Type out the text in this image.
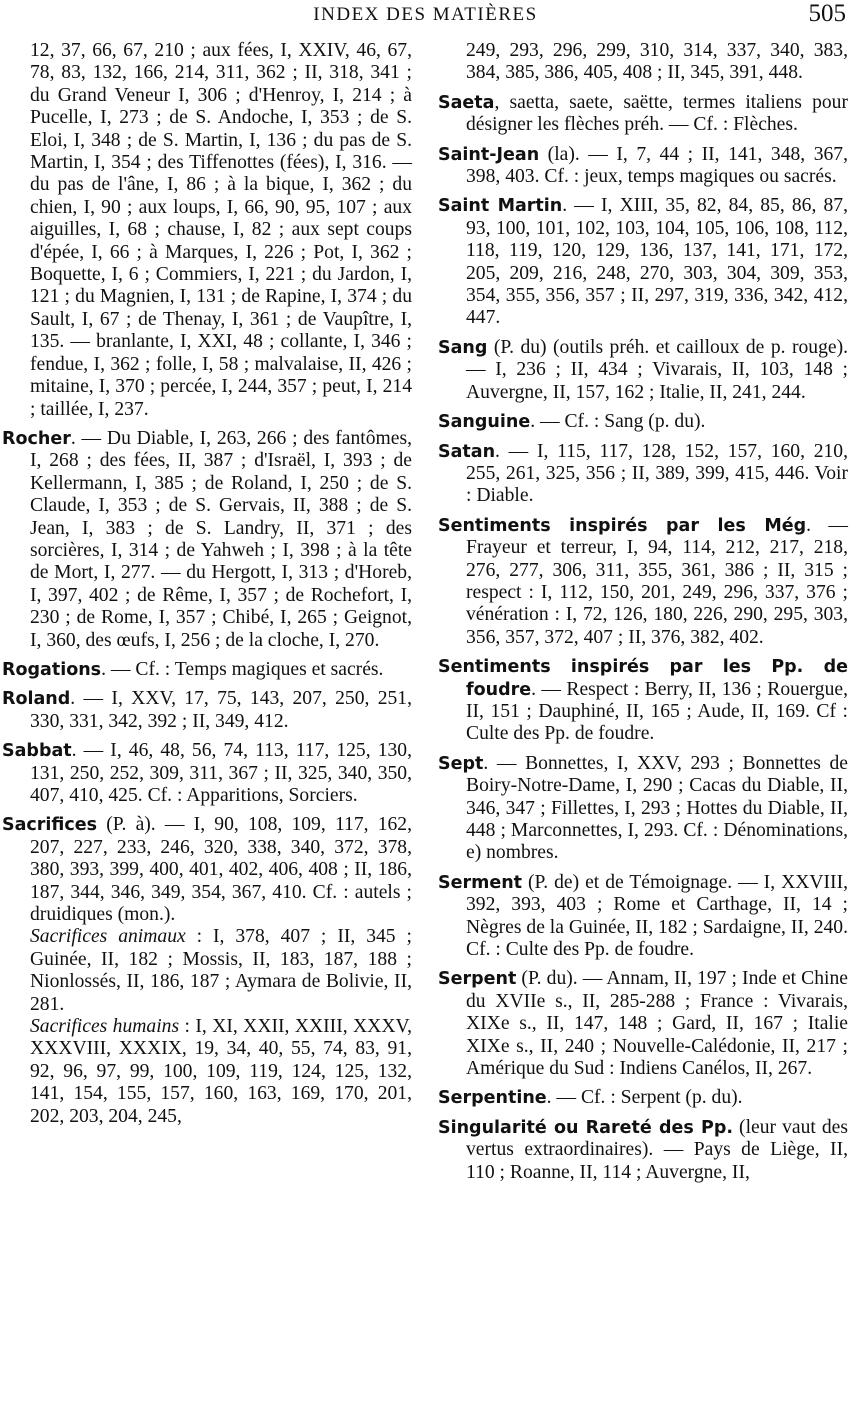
INDEX DES MATIÈRES	505

12, 37, 66, 67, 210 ; aux fées, I, XXIV, 46, 67, 78, 83, 132, 166, 214, 311, 362 ; II, 318, 341 ; du Grand Veneur I, 306 ; d'Henroy, I, 214 ; à Pucelle, I, 273 ; de S. Andoche, I, 353 ; de S. Eloi, I, 348 ; de S. Martin, I, 136 ; du pas de S. Martin, I, 354 ; des Tiffenottes (fées), I, 316. — du pas de l'âne, I, 86 ; à la bique, I, 362 ; du chien, I, 90 ; aux loups, I, 66, 90, 95, 107 ; aux aiguilles, I, 68 ; chause, I, 82 ; aux sept coups d'épée, I, 66 ; à Marques, I, 226 ; Pot, I, 362 ; Boquette, I, 6 ; Commiers, I, 221 ; du Jardon, I, 121 ; du Magnien, I, 131 ; de Rapine, I, 374 ; du Sault, I, 67 ; de Thenay, I, 361 ; de Vaupître, I, 135. — branlante, I, XXI, 48 ; collante, I, 346 ; fendue, I, 362 ; folle, I, 58 ; malvalaise, II, 426 ; mitaine, I, 370 ; percée, I, 244, 357 ; peut, I, 214 ; taillée, I, 237.

Rocher. — Du Diable, I, 263, 266 ; des fantômes, I, 268 ; des fées, II, 387 ; d'Israël, I, 393 ; de Kellermann, I, 385 ; de Roland, I, 250 ; de S. Claude, I, 353 ; de S. Gervais, II, 388 ; de S. Jean, I, 383 ; de S. Landry, II, 371 ; des sorcières, I, 314 ; de Yahweh ; I, 398 ; à la tête de Mort, I, 277. — du Hergott, I, 313 ; d'Horeb, I, 397, 402 ; de Rême, I, 357 ; de Rochefort, I, 230 ; de Rome, I, 357 ; Chibé, I, 265 ; Geignot, I, 360, des œufs, I, 256 ; de la cloche, I, 270.

Rogations. — Cf. : Temps magiques et sacrés.

Roland. — I, XXV, 17, 75, 143, 207, 250, 251, 330, 331, 342, 392 ; II, 349, 412.

Sabbat. — I, 46, 48, 56, 74, 113, 117, 125, 130, 131, 250, 252, 309, 311, 367 ; II, 325, 340, 350, 407, 410, 425. Cf. : Apparitions, Sorciers.

Sacrifices (P. à). — I, 90, 108, 109, 117, 162, 207, 227, 233, 246, 320, 338, 340, 372, 378, 380, 393, 399, 400, 401, 402, 406, 408 ; II, 186, 187, 344, 346, 349, 354, 367, 410. Cf. : autels ; druidiques (mon.).
Sacrifices animaux : I, 378, 407 ; II, 345 ; Guinée, II, 182 ; Mossis, II, 183, 187, 188 ; Nionlossés, II, 186, 187 ; Aymara de Bolivie, II, 281.
Sacrifices humains : I, XI, XXII, XXIII, XXXV, XXXVIII, XXXIX, 19, 34, 40, 55, 74, 83, 91, 92, 96, 97, 99, 100, 109, 119, 124, 125, 132, 141, 154, 155, 157, 160, 163, 169, 170, 201, 202, 203, 204, 245,

249, 293, 296, 299, 310, 314, 337, 340, 383, 384, 385, 386, 405, 408 ; II, 345, 391, 448.

Saeta, saetta, saete, saëtte, termes italiens pour désigner les flèches préh. — Cf. : Flèches.

Saint-Jean (la). — I, 7, 44 ; II, 141, 348, 367, 398, 403. Cf. : jeux, temps magiques ou sacrés.

Saint Martin. — I, XIII, 35, 82, 84, 85, 86, 87, 93, 100, 101, 102, 103, 104, 105, 106, 108, 112, 118, 119, 120, 129, 136, 137, 141, 171, 172, 205, 209, 216, 248, 270, 303, 304, 309, 353, 354, 355, 356, 357 ; II, 297, 319, 336, 342, 412, 447.

Sang (P. du) (outils préh. et cailloux de p. rouge). — I, 236 ; II, 434 ; Vivarais, II, 103, 148 ; Auvergne, II, 157, 162 ; Italie, II, 241, 244.

Sanguine. — Cf. : Sang (p. du).

Satan. — I, 115, 117, 128, 152, 157, 160, 210, 255, 261, 325, 356 ; II, 389, 399, 415, 446. Voir : Diable.

Sentiments inspirés par les Még. — Frayeur et terreur, I, 94, 114, 212, 217, 218, 276, 277, 306, 311, 355, 361, 386 ; II, 315 ; respect : I, 112, 150, 201, 249, 296, 337, 376 ; vénération : I, 72, 126, 180, 226, 290, 295, 303, 356, 357, 372, 407 ; II, 376, 382, 402.

Sentiments inspirés par les Pp. de foudre. — Respect : Berry, II, 136 ; Rouergue, II, 151 ; Dauphiné, II, 165 ; Aude, II, 169. Cf : Culte des Pp. de foudre.

Sept. — Bonnettes, I, XXV, 293 ; Bonnettes de Boiry-Notre-Dame, I, 290 ; Cacas du Diable, II, 346, 347 ; Fillettes, I, 293 ; Hottes du Diable, II, 448 ; Marconnettes, I, 293. Cf. : Dénominations, e) nombres.

Serment (P. de) et de Témoignage. — I, XXVIII, 392, 393, 403 ; Rome et Carthage, II, 14 ; Nègres de la Guinée, II, 182 ; Sardaigne, II, 240. Cf. : Culte des Pp. de foudre.

Serpent (P. du). — Annam, II, 197 ; Inde et Chine du XVIIe s., II, 285-288 ; France : Vivarais, XIXe s., II, 147, 148 ; Gard, II, 167 ; Italie XIXe s., II, 240 ; Nouvelle-Calédonie, II, 217 ; Amérique du Sud : Indiens Canélos, II, 267.

Serpentine. — Cf. : Serpent (p. du).

Singularité ou Rareté des Pp. (leur vaut des vertus extraordinaires). — Pays de Liège, II, 110 ; Roanne, II, 114 ; Auvergne, II,
